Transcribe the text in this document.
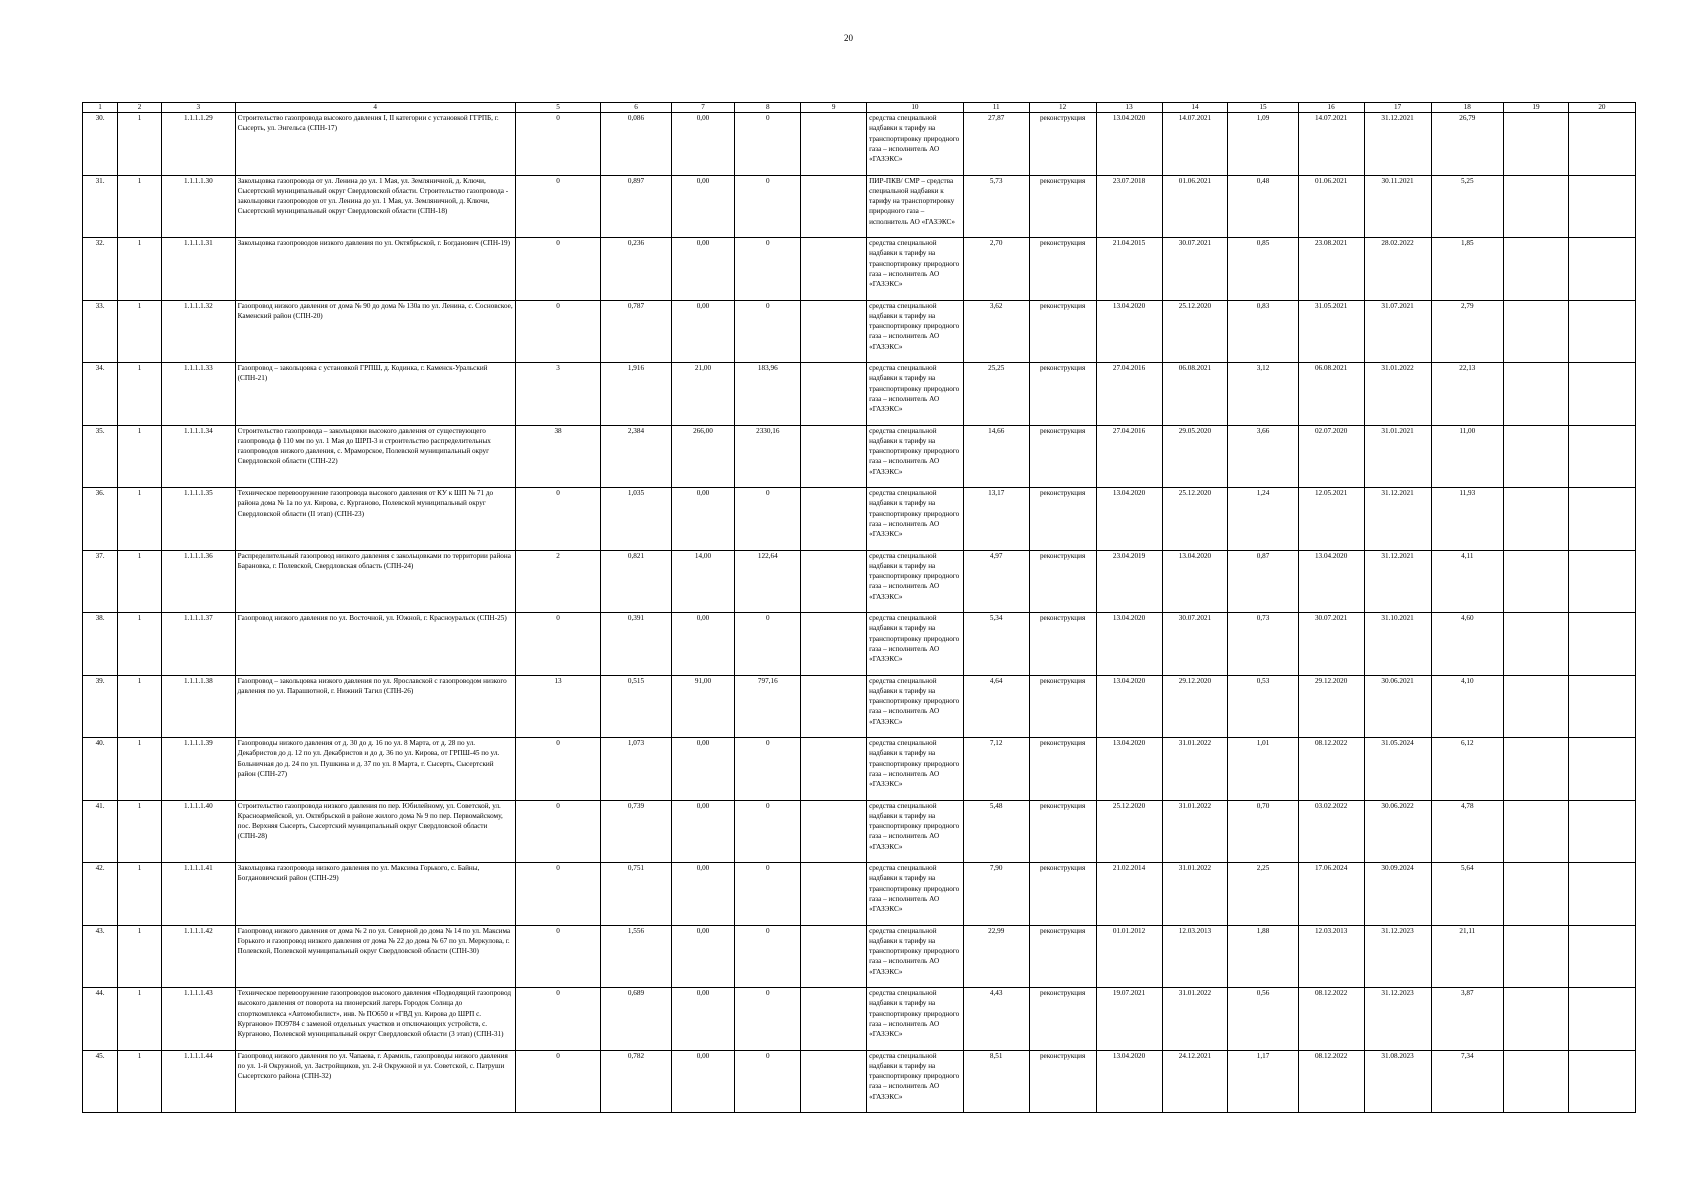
20
1	2	3	4	5	6	7	8	9	10	11	12	13	14	15	16	17	18	19	20
30.	1	1.1.1.1.29	Строительство газопровода высокого давления I, II категории с установкой ГГРПБ, г. Сысерть, ул. Энгельса (СПН-17)	0	0,086	0,00	0		средства специальной надбавки к тарифу на транспортировку природного газа – исполнитель АО «ГАЗЭКС»	27,87	реконструкция	13.04.2020	14.07.2021	1,09	14.07.2021	31.12.2021	26,79		
31.	1	1.1.1.1.30	Закольцовка газопровода от ул. Ленина до ул. 1 Мая, ул. Земляничной, д. Ключи, Сысертский муниципальный округ Свердловской области. Строительство газопровода - закольцовки газопроводов от ул. Ленина до ул. 1 Мая, ул. Земляничной, д. Ключи, Сысертский муниципальный округ Свердловской области (СПН-18)	0	0,897	0,00	0		ПИР-ПКВ/ СМР – средства специальной надбавки к тарифу на транспортировку природного газа – исполнитель АО «ГАЗЭКС»	5,73	реконструкция	23.07.2018	01.06.2021	0,48	01.06.2021	30.11.2021	5,25		
32.	1	1.1.1.1.31	Закольцовка газопроводов низкого давления по ул. Октябрьской, г. Богданович (СПН-19)	0	0,236	0,00	0		средства специальной надбавки к тарифу на транспортировку природного газа – исполнитель АО «ГАЗЭКС»	2,70	реконструкция	21.04.2015	30.07.2021	0,85	23.08.2021	28.02.2022	1,85		
33.	1	1.1.1.1.32	Газопровод низкого давления от дома № 90 до дома № 130а по ул. Ленина, с. Сосновское, Каменский район (СПН-20)	0	0,787	0,00	0		средства специальной надбавки к тарифу на транспортировку природного газа – исполнитель АО «ГАЗЭКС»	3,62	реконструкция	13.04.2020	25.12.2020	0,83	31.05.2021	31.07.2021	2,79		
34.	1	1.1.1.1.33	Газопровод – закольцовка с установкой ГРПШ, д. Кодинка, г. Каменск-Уральский (СПН-21)	3	1,916	21,00	183,96		средства специальной надбавки к тарифу на транспортировку природного газа – исполнитель АО «ГАЗЭКС»	25,25	реконструкция	27.04.2016	06.08.2021	3,12	06.08.2021	31.01.2022	22,13		
35.	1	1.1.1.1.34	Строительство газопровода – закольцовки высокого давления от существующего газопровода ф 110 мм по ул. 1 Мая до ШРП-3 и строительство распределительных газопроводов низкого давления, с. Мраморское, Полевской муниципальный округ Свердловской области (СПН-22)	38	2,384	266,00	2330,16		средства специальной надбавки к тарифу на транспортировку природного газа – исполнитель АО «ГАЗЭКС»	14,66	реконструкция	27.04.2016	29.05.2020	3,66	02.07.2020	31.01.2021	11,00		
36.	1	1.1.1.1.35	Техническое перевооружение газопровода высокого давления от КУ к ШП № 71 до района дома № 1а по ул. Кирова, с. Курганово, Полевской муниципальный округ Свердловской области (II этап) (СПН-23)	0	1,035	0,00	0		средства специальной надбавки к тарифу на транспортировку природного газа – исполнитель АО «ГАЗЭКС»	13,17	реконструкция	13.04.2020	25.12.2020	1,24	12.05.2021	31.12.2021	11,93		
37.	1	1.1.1.1.36	Распределительный газопровод низкого давления с закольцовками по территории района Барановка, г. Полевской, Свердловская область (СПН-24)	2	0,821	14,00	122,64		средства специальной надбавки к тарифу на транспортировку природного газа – исполнитель АО «ГАЗЭКС»	4,97	реконструкция	23.04.2019	13.04.2020	0,87	13.04.2020	31.12.2021	4,11		
38.	1	1.1.1.1.37	Газопровод низкого давления по ул. Восточной, ул. Южной, г. Красноуральск (СПН-25)	0	0,391	0,00	0		средства специальной надбавки к тарифу на транспортировку природного газа – исполнитель АО «ГАЗЭКС»	5,34	реконструкция	13.04.2020	30.07.2021	0,73	30.07.2021	31.10.2021	4,60		
39.	1	1.1.1.1.38	Газопровод – закольцовка низкого давления по ул. Ярославской с газопроводом низкого давления по ул. Парашютной, г. Нижний Тагил (СПН-26)	13	0,515	91,00	797,16		средства специальной надбавки к тарифу на транспортировку природного газа – исполнитель АО «ГАЗЭКС»	4,64	реконструкция	13.04.2020	29.12.2020	0,53	29.12.2020	30.06.2021	4,10		
40.	1	1.1.1.1.39	Газопроводы низкого давления от д. 30 до д. 16 по ул. 8 Марта, от д. 28 по ул. Декабристов до д. 12 по ул. Декабристов и до д. 36 по ул. Кирова, от ГРПШ-45 по ул. Больничная до д. 24 по ул. Пушкина и д. 37 по ул. 8 Марта, г. Сысерть, Сысертский район (СПН-27)	0	1,073	0,00	0		средства специальной надбавки к тарифу на транспортировку природного газа – исполнитель АО «ГАЗЭКС»	7,12	реконструкция	13.04.2020	31.01.2022	1,01	08.12.2022	31.05.2024	6,12		
41.	1	1.1.1.1.40	Строительство газопровода низкого давления по пер. Юбилейному, ул. Советской, ул. Красноармейской, ул. Октябрьской в районе жилого дома № 9 по пер. Первомайскому, пос. Верхняя Сысерть, Сысертский муниципальный округ Свердловской области (СПН-28)	0	0,739	0,00	0		средства специальной надбавки к тарифу на транспортировку природного газа – исполнитель АО «ГАЗЭКС»	5,48	реконструкция	25.12.2020	31.01.2022	0,70	03.02.2022	30.06.2022	4,78		
42.	1	1.1.1.1.41	Закольцовка газопровода низкого давления по ул. Максима Горького, с. Байны, Богдановичский район (СПН-29)	0	0,751	0,00	0		средства специальной надбавки к тарифу на транспортировку природного газа – исполнитель АО «ГАЗЭКС»	7,90	реконструкция	21.02.2014	31.01.2022	2,25	17.06.2024	30.09.2024	5,64		
43.	1	1.1.1.1.42	Газопровод низкого давления от дома № 2 по ул. Северной до дома № 14 по ул. Максима Горького и газопровод низкого давления от дома № 22 до дома № 67 по ул. Меркулова, г. Полевской, Полевской муниципальный округ Свердловской области (СПН-30)	0	1,556	0,00	0		средства специальной надбавки к тарифу на транспортировку природного газа – исполнитель АО «ГАЗЭКС»	22,99	реконструкция	01.01.2012	12.03.2013	1,88	12.03.2013	31.12.2023	21,11		
44.	1	1.1.1.1.43	Техническое перевооружение газопроводов высокого давления «Подводящий газопровод высокого давления от поворота на пионерский лагерь Городок Солнца до спорткомплекса «Автомобилист», инв. № ПО650 и «ГВД ул. Кирова до ШРП с. Курганово» ПО9784 с заменой отдельных участков и отключающих устройств, с. Курганово, Полевской муниципальный округ Свердловской области (3 этап) (СПН-31)	0	0,689	0,00	0		средства специальной надбавки к тарифу на транспортировку природного газа – исполнитель АО «ГАЗЭКС»	4,43	реконструкция	19.07.2021	31.01.2022	0,56	08.12.2022	31.12.2023	3,87		
45.	1	1.1.1.1.44	Газопровод низкого давления по ул. Чапаева, г. Арамиль, газопроводы низкого давления по ул. 1-й Окружной, ул. Застройщиков, ул. 2-й Окружной и ул. Советской, с. Патруши Сысертского района (СПН-32)	0	0,782	0,00	0		средства специальной надбавки к тарифу на транспортировку природного газа – исполнитель АО «ГАЗЭКС»	8,51	реконструкция	13.04.2020	24.12.2021	1,17	08.12.2022	31.08.2023	7,34		
